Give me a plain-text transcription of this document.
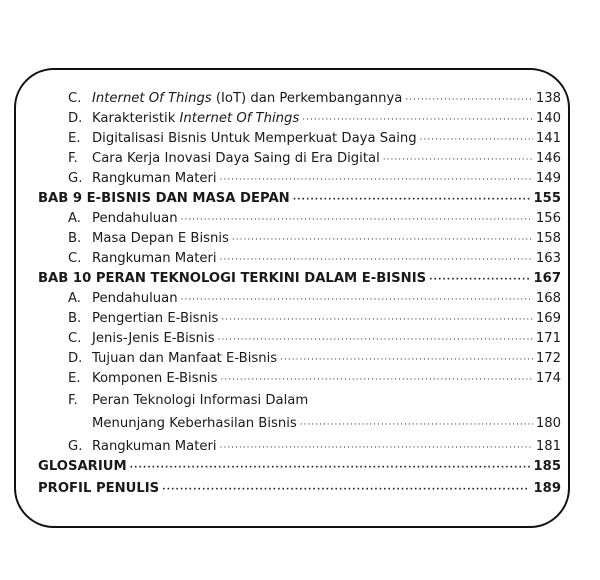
C. Internet Of Things (IoT) dan Perkembangannya ·····	138
D. Karakteristik Internet Of Things ·····	140
E. Digitalisasi Bisnis Untuk Memperkuat Daya Saing ·····	141
F.	Cara Kerja Inovasi Daya Saing di Era Digital ·····	146
G. Rangkuman Materi ·····	149
BAB 9 E-BISNIS DAN MASA DEPAN ·····	155
A. Pendahuluan ·····	156
B. Masa Depan E Bisnis ·····	158
C. Rangkuman Materi ·····	163
BAB 10 PERAN TEKNOLOGI TERKINI DALAM E-BISNIS ·····	167
A. Pendahuluan ·····	168
B. Pengertian E-Bisnis ·····	169
C. Jenis-Jenis E-Bisnis ·····	171
D. Tujuan dan Manfaat E-Bisnis ·····	172
E. Komponen E-Bisnis ·····	174
F.	Peran Teknologi Informasi Dalam
Menunjang Keberhasilan Bisnis ·····	180
G. Rangkuman Materi ·····	181
GLOSARIUM ·····	185
PROFIL PENULIS ·····	189
